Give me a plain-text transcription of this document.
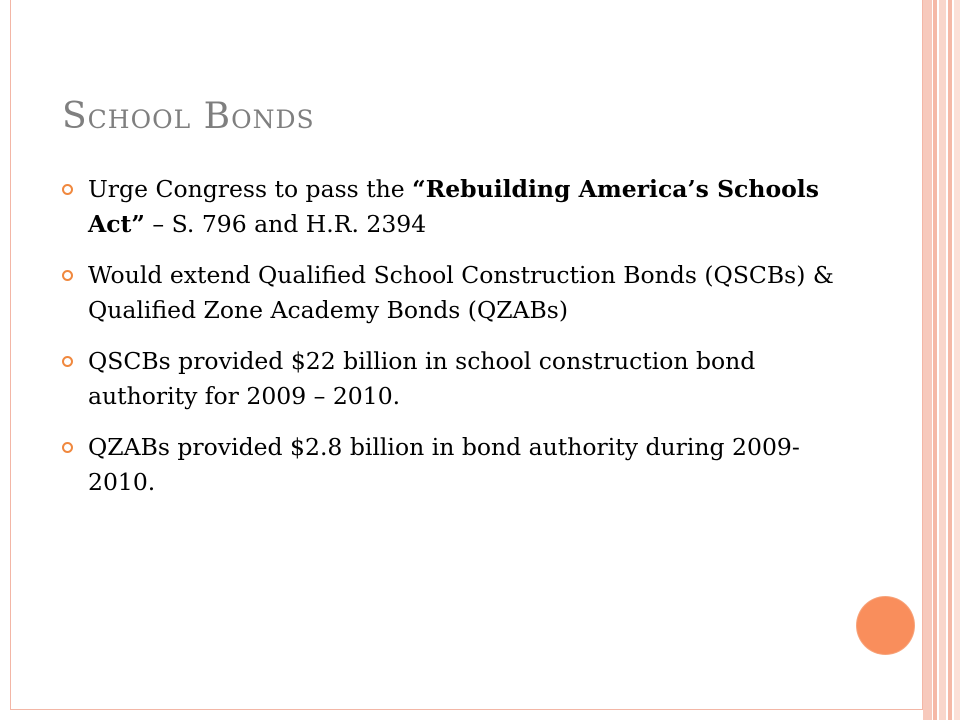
School Bonds
Urge Congress to pass the “Rebuilding America’s Schools Act” – S. 796 and H.R. 2394
Would extend Qualified School Construction Bonds (QSCBs) & Qualified Zone Academy Bonds (QZABs)
QSCBs provided $22 billion in school construction bond authority for 2009 – 2010.
QZABs provided $2.8 billion in bond authority during 2009-2010.
